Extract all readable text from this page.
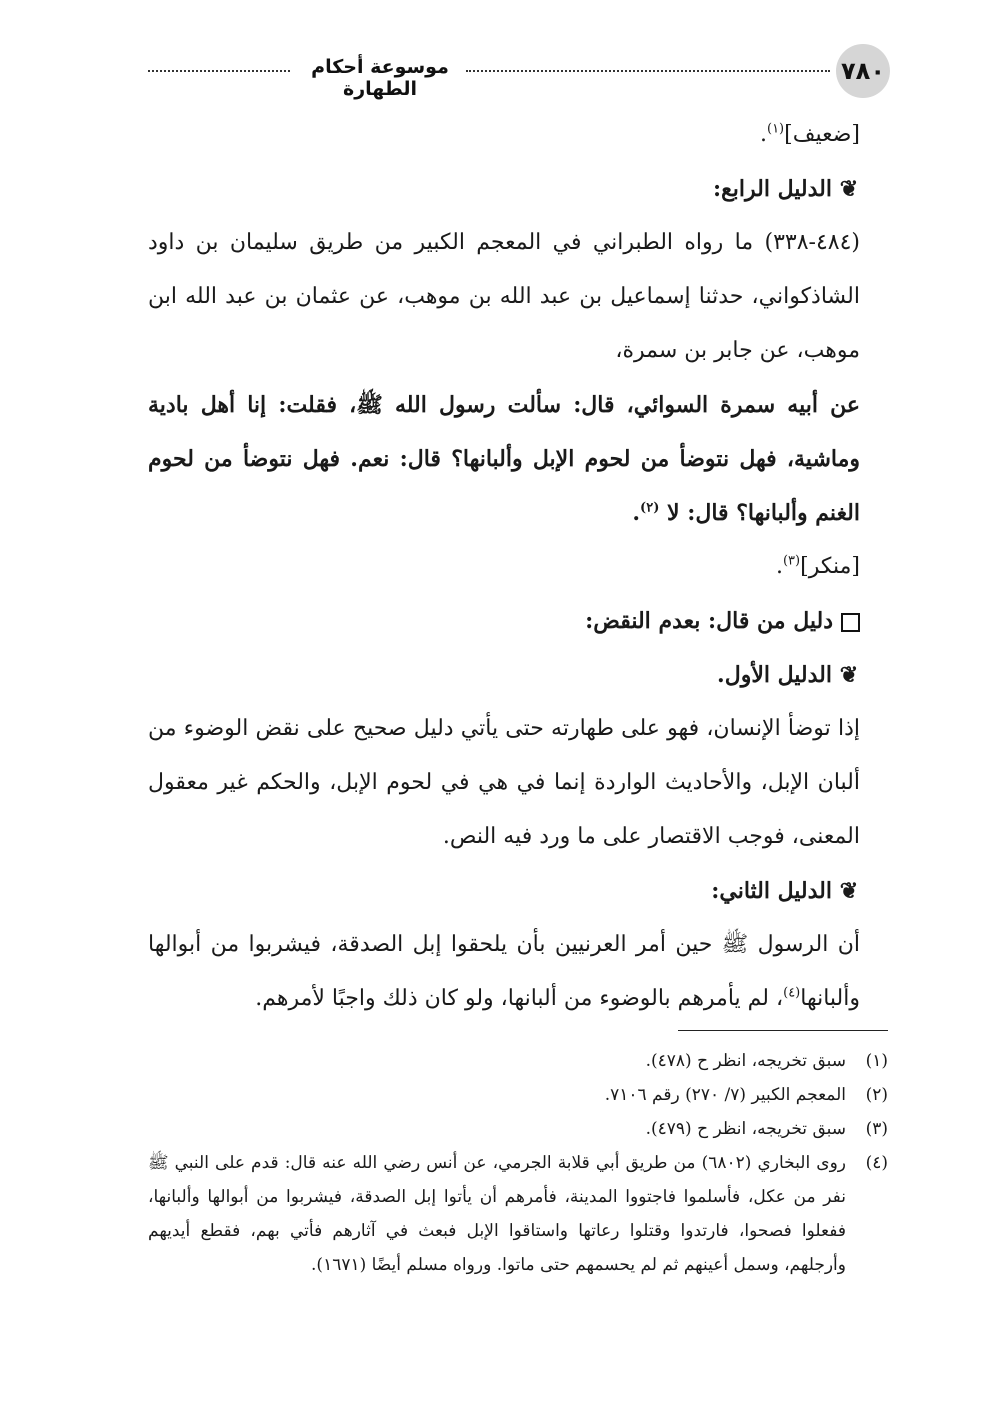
٧٨٠
موسوعة أحكام الطهارة

[ضعيف]$^{(١)}$.

❦الدليل الرابع:

(٤٨٤-٣٣٨) ما رواه الطبراني في المعجم الكبير من طريق سليمان بن داود الشاذكواني، حدثنا إسماعيل بن عبد الله بن موهب، عن عثمان بن عبد الله ابن موهب، عن جابر بن سمرة،

عن أبيه سمرة السوائي، قال: سألت رسول الله ﷺ، فقلت: إنا أهل بادية وماشية، فهل نتوضأ من لحوم الإبل وألبانها؟ قال: نعم. فهل نتوضأ من لحوم الغنم وألبانها؟ قال: لا $^{(٢)}$.

[منكر]$^{(٣)}$.

دليل من قال: بعدم النقض:

❦الدليل الأول.

إذا توضأ الإنسان، فهو على طهارته حتى يأتي دليل صحيح على نقض الوضوء من ألبان الإبل، والأحاديث الواردة إنما في هي في لحوم الإبل، والحكم غير معقول المعنى، فوجب الاقتصار على ما ورد فيه النص.

❦الدليل الثاني:

أن الرسول ﷺ حين أمر العرنيين بأن يلحقوا إبل الصدقة، فيشربوا من أبوالها وألبانها$^{(٤)}$، لم يأمرهم بالوضوء من ألبانها، ولو كان ذلك واجبًا لأمرهم.

(١)
سبق تخريجه، انظر ح (٤٧٨).

(٢)
المعجم الكبير (٧/ ٢٧٠) رقم ٧١٠٦.

(٣)
سبق تخريجه، انظر ح (٤٧٩).

(٤)
روى البخاري (٦٨٠٢) من طريق أبي قلابة الجرمي، عن أنس رضي الله عنه قال: قدم على النبي ﷺ نفر من عكل، فأسلموا فاجتووا المدينة، فأمرهم أن يأتوا إبل الصدقة، فيشربوا من أبوالها وألبانها، ففعلوا فصحوا، فارتدوا وقتلوا رعاتها واستاقوا الإبل فبعث في آثارهم فأتي بهم، فقطع أيديهم وأرجلهم، وسمل أعينهم ثم لم يحسمهم حتى ماتوا. ورواه مسلم أيضًا (١٦٧١).
